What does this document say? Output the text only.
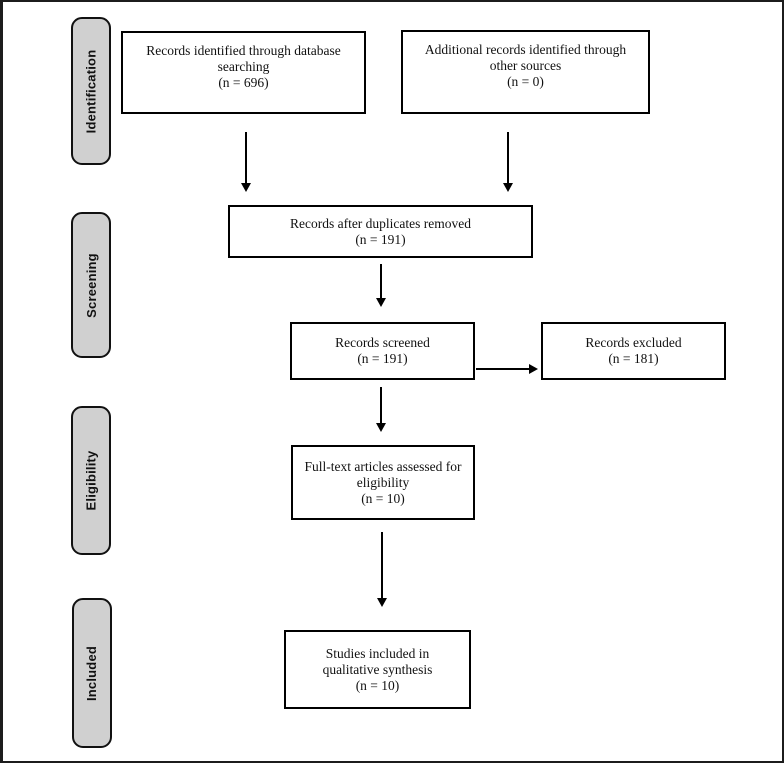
Identification
Screening
Eligibility
Included
Records identified through database
searching
(n = 696)
Additional records identified through
other sources
(n = 0)
Records after duplicates removed
(n = 191)
Records screened
(n = 191)
Records excluded
(n = 181)
Full-text articles assessed for
eligibility
(n = 10)
Studies included in
qualitative synthesis
(n = 10)
